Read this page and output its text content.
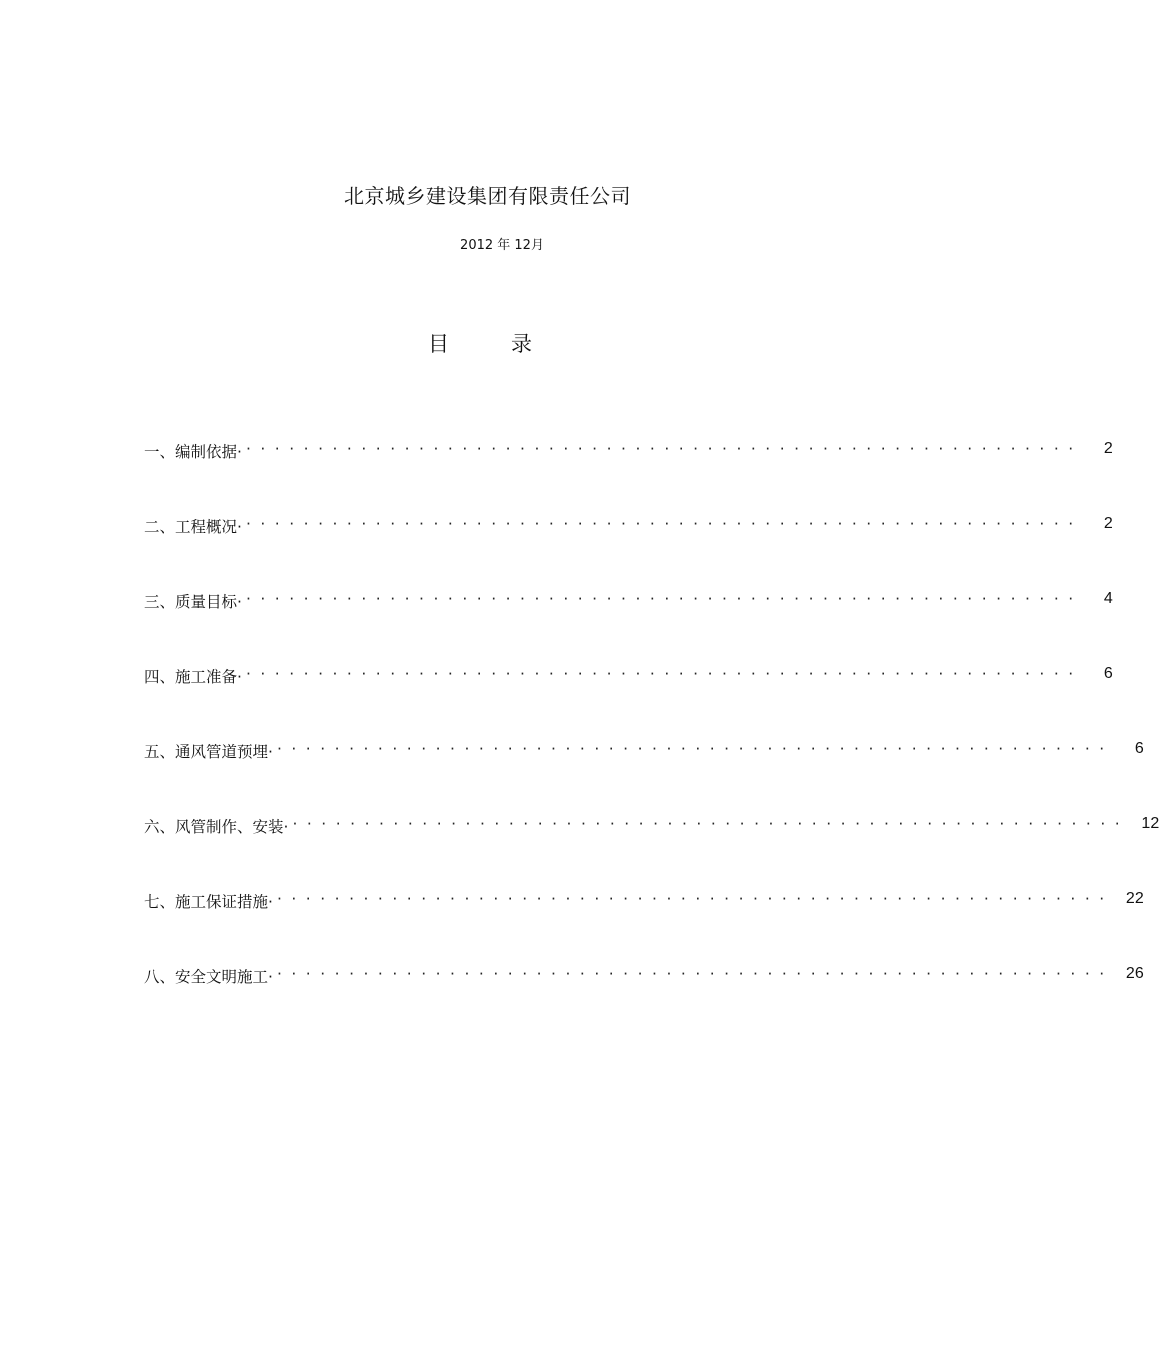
北京城乡建设集团有限责任公司
2012 年 12月
目	录
一、编制依据· ··························································	2
二、工程概况· ··························································	2
三、质量目标· ··························································	4
四、施工准备· ··························································	6
五、通风管道预埋· ··························································	6
六、风管制作、安装· ·························································· 12
七、施工保证措施· ·························································· 22
八、安全文明施工· ·························································· 26
